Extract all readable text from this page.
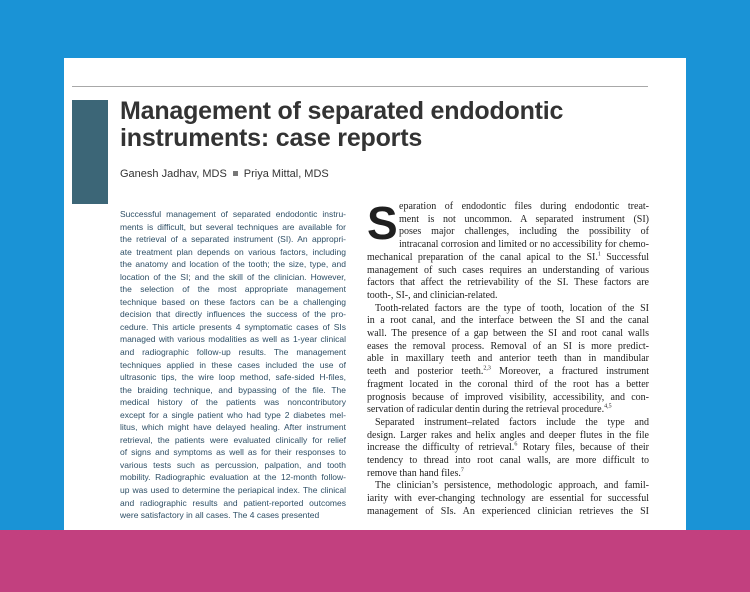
Management of separated endodontic
instruments: case reports
Ganesh Jadhav, MDS Priya Mittal, MDS
Successful management of separated endodontic instru-
ments is difficult, but several techniques are available for
the retrieval of a separated instrument (SI). An appropri-
ate treatment plan depends on various factors, including
the anatomy and location of the tooth; the size, type, and
location of the SI; and the skill of the clinician. However,
the selection of the most appropriate management
technique based on these factors can be a challenging
decision that directly influences the success of the pro-
cedure. This article presents 4 symptomatic cases of SIs
managed with various modalities as well as 1-year clinical
and radiographic follow-up results. The management
techniques applied in these cases included the use of
ultrasonic tips, the wire loop method, safe-sided H-files,
the braiding technique, and bypassing of the file. The
medical history of the patients was noncontributory
except for a single patient who had type 2 diabetes mel-
litus, which might have delayed healing. After instrument
retrieval, the patients were evaluated clinically for relief
of signs and symptoms as well as for their responses to
various tests such as percussion, palpation, and tooth
mobility. Radiographic evaluation at the 12-month follow-
up was used to determine the periapical index. The clinical
and radiographic results and patient-reported outcomes
were satisfactory in all cases. The 4 cases presented
S eparation of endodontic files during endodontic treat-
ment is not uncommon. A separated instrument (SI)
poses major challenges, including the possibility of
intracanal corrosion and limited or no accessibility for chemo-
mechanical preparation of the canal apical to the SI.$^1$ Successful
management of such cases requires an understanding of various
factors that affect the retrievability of the SI. These factors are
tooth-, SI-, and clinician-related.
Tooth-related factors are the type of tooth, location of the SI
in a root canal, and the interface between the SI and the canal
wall. The presence of a gap between the SI and root canal walls
eases the removal process. Removal of an SI is more predict-
able in maxillary teeth and anterior teeth than in mandibular
teeth and posterior teeth.$^{2,3}$ Moreover, a fractured instrument
fragment located in the coronal third of the root has a better
prognosis because of improved visibility, accessibility, and con-
servation of radicular dentin during the retrieval procedure.$^{4,5}$
Separated instrument–related factors include the type and
design. Larger rakes and helix angles and deeper flutes in the file
increase the difficulty of retrieval.$^6$ Rotary files, because of their
tendency to thread into root canal walls, are more difficult to
remove than hand files.$^7$
The clinician’s persistence, methodologic approach, and famil-
iarity with ever-changing technology are essential for successful
management of SIs. An experienced clinician retrieves the SI
